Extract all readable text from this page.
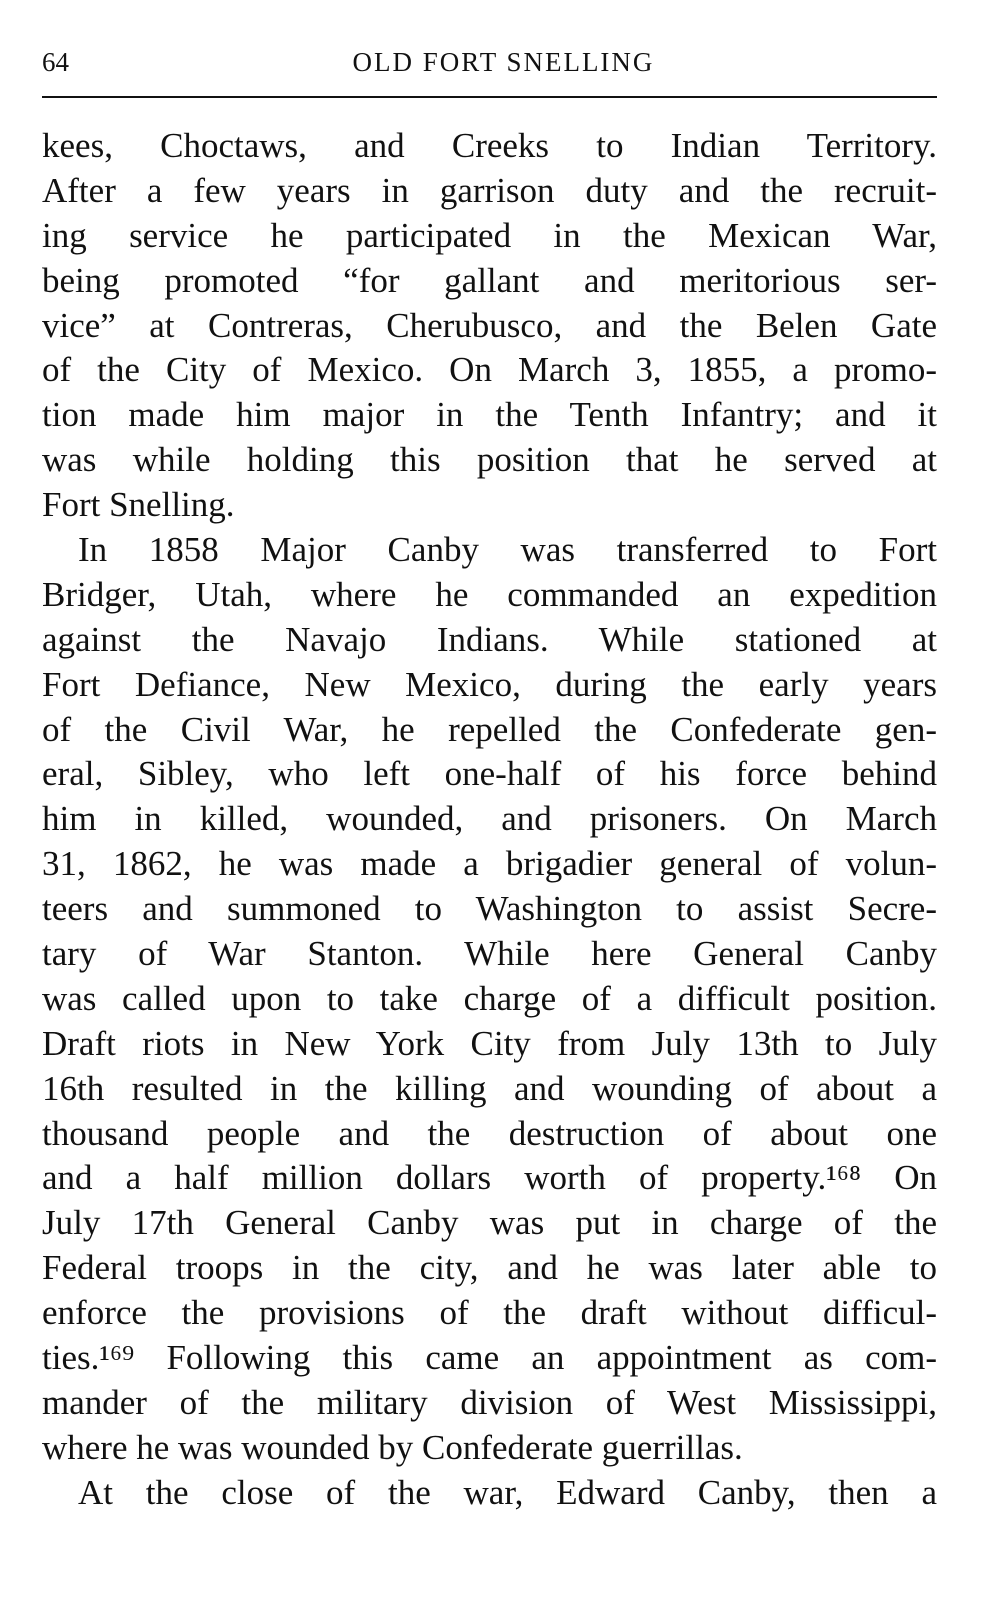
64	OLD FORT SNELLING
kees, Choctaws, and Creeks to Indian Territory.
After a few years in garrison duty and the recruit-
ing service he participated in the Mexican War,
being promoted “for gallant and meritorious ser-
vice” at Contreras, Cherubusco, and the Belen Gate
of the City of Mexico. On March 3, 1855, a promo-
tion made him major in the Tenth Infantry; and it
was while holding this position that he served at
Fort Snelling.
In 1858 Major Canby was transferred to Fort
Bridger, Utah, where he commanded an expedition
against the Navajo Indians. While stationed at
Fort Defiance, New Mexico, during the early years
of the Civil War, he repelled the Confederate gen-
eral, Sibley, who left one-half of his force behind
him in killed, wounded, and prisoners. On March
31, 1862, he was made a brigadier general of volun-
teers and summoned to Washington to assist Secre-
tary of War Stanton. While here General Canby
was called upon to take charge of a difficult position.
Draft riots in New York City from July 13th to July
16th resulted in the killing and wounding of about a
thousand people and the destruction of about one
and a half million dollars worth of property.¹⁶⁸ On
July 17th General Canby was put in charge of the
Federal troops in the city, and he was later able to
enforce the provisions of the draft without difficul-
ties.¹⁶⁹ Following this came an appointment as com-
mander of the military division of West Mississippi,
where he was wounded by Confederate guerrillas.
At the close of the war, Edward Canby, then a
